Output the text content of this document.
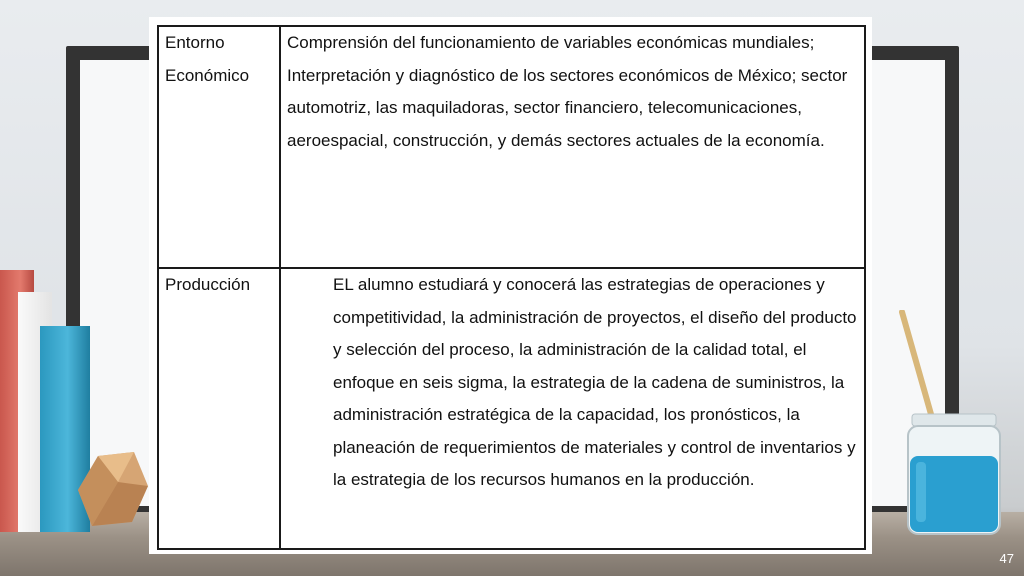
Entorno Económico	Comprensión del funcionamiento de variables económicas mundiales; Interpretación y diagnóstico de los sectores económicos de México; sector automotriz, las maquiladoras, sector financiero, telecomunicaciones, aeroespacial, construcción, y demás sectores actuales de la economía.
Producción	EL alumno estudiará y conocerá las estrategias de operaciones y competitividad, la administración de proyectos, el diseño del producto y selección del proceso, la administración de la calidad total, el enfoque en seis sigma, la estrategia de la cadena de suministros, la administración estratégica de la capacidad, los pronósticos, la planeación de requerimientos de materiales y control de inventarios y la estrategia de los recursos humanos en la producción.
47
